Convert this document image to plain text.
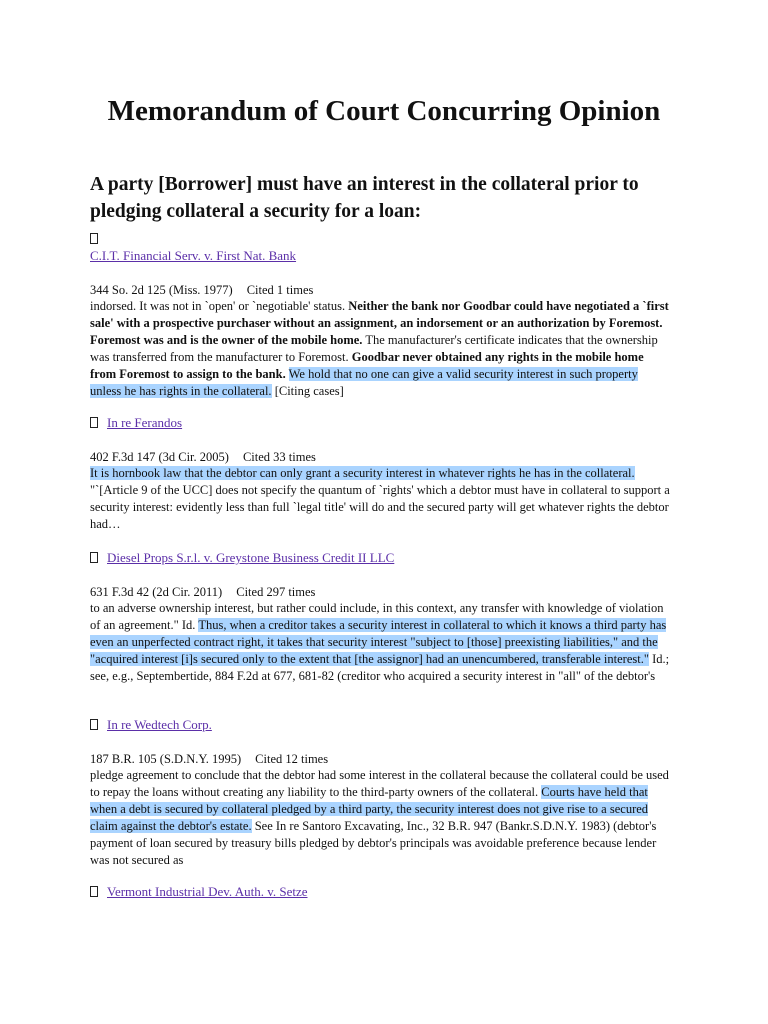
Memorandum of Court Concurring Opinion
A party [Borrower] must have an interest in the collateral prior to pledging collateral a security for a loan:
C.I.T. Financial Serv. v. First Nat. Bank
344 So. 2d 125 (Miss. 1977) Cited 1 times

indorsed. It was not in `open' or `negotiable' status. Neither the bank nor Goodbar could have negotiated a `first sale' with a prospective purchaser without an assignment, an indorsement or an authorization by Foremost. Foremost was and is the owner of the mobile home. The manufacturer's certificate indicates that the ownership was transferred from the manufacturer to Foremost. Goodbar never obtained any rights in the mobile home from Foremost to assign to the bank. We hold that no one can give a valid security interest in such property unless he has rights in the collateral. [Citing cases]

In re Ferandos
402 F.3d 147 (3d Cir. 2005) Cited 33 times

It is hornbook law that the debtor can only grant a security interest in whatever rights he has in the collateral. "`[Article 9 of the UCC] does not specify the quantum of `rights' which a debtor must have in collateral to support a security interest: evidently less than full `legal title' will do and the secured party will get whatever rights the debtor had…

Diesel Props S.r.l. v. Greystone Business Credit II LLC
631 F.3d 42 (2d Cir. 2011) Cited 297 times

to an adverse ownership interest, but rather could include, in this context, any transfer with knowledge of violation of an agreement." Id. Thus, when a creditor takes a security interest in collateral to which it knows a third party has even an unperfected contract right, it takes that security interest "subject to [those] preexisting liabilities," and the "acquired interest [i]s secured only to the extent that [the assignor] had an unencumbered, transferable interest." Id.; see, e.g., Septembertide, 884 F.2d at 677, 681-82 (creditor who acquired a security interest in "all" of the debtor's

In re Wedtech Corp.
187 B.R. 105 (S.D.N.Y. 1995) Cited 12 times

pledge agreement to conclude that the debtor had some interest in the collateral because the collateral could be used to repay the loans without creating any liability to the third-party owners of the collateral. Courts have held that when a debt is secured by collateral pledged by a third party, the security interest does not give rise to a secured claim against the debtor's estate. See In re Santoro Excavating, Inc., 32 B.R. 947 (Bankr.S.D.N.Y. 1983) (debtor's payment of loan secured by treasury bills pledged by debtor's principals was avoidable preference because lender was not secured as

Vermont Industrial Dev. Auth. v. Setze
